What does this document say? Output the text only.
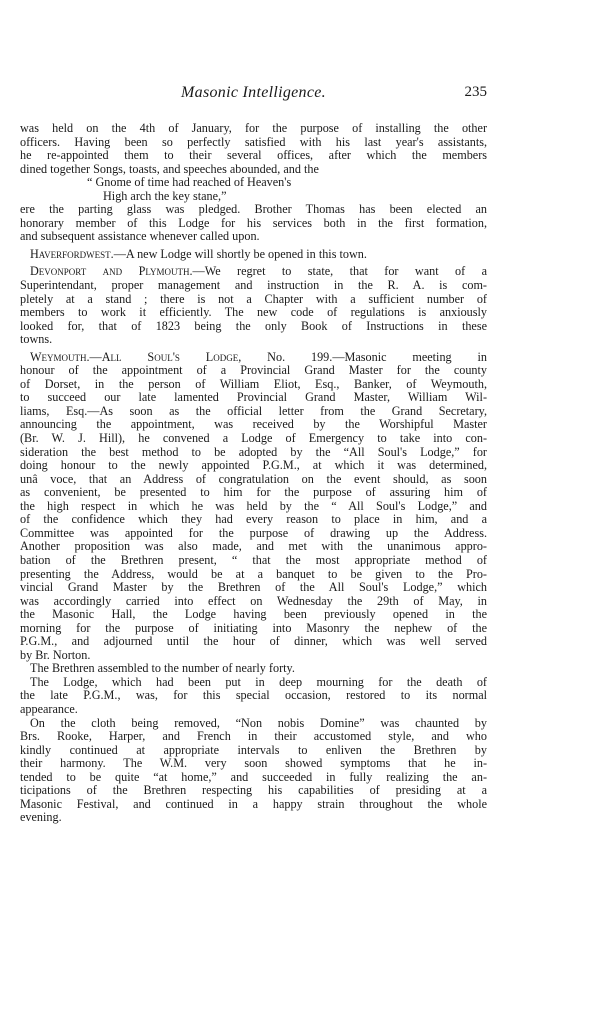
Masonic Intelligence.	235
was held on the 4th of January, for the purpose of installing the other
officers. Having been so perfectly satisfied with his last year's assistants,
he re-appointed them to their several offices, after which the members
dined together Songs, toasts, and speeches abounded, and the
“ Gnome of time had reached of Heaven's
High arch the key stane,”
ere the parting glass was pledged. Brother Thomas has been elected an
honorary member of this Lodge for his services both in the first formation,
and subsequent assistance whenever called upon.
Haverfordwest.—A new Lodge will shortly be opened in this town.
Devonport and Plymouth.—We regret to state, that for want of a
Superintendant, proper management and instruction in the R. A. is com-
pletely at a stand ; there is not a Chapter with a sufficient number of
members to work it efficiently. The new code of regulations is anxiously
looked for, that of 1823 being the only Book of Instructions in these
towns.
Weymouth.—All Soul's Lodge, No. 199.—Masonic meeting in
honour of the appointment of a Provincial Grand Master for the county
of Dorset, in the person of William Eliot, Esq., Banker, of Weymouth,
to succeed our late lamented Provincial Grand Master, William Wil-
liams, Esq.—As soon as the official letter from the Grand Secretary,
announcing the appointment, was received by the Worshipful Master
(Br. W. J. Hill), he convened a Lodge of Emergency to take into con-
sideration the best method to be adopted by the “All Soul's Lodge,” for
doing honour to the newly appointed P.G.M., at which it was determined,
unâ voce, that an Address of congratulation on the event should, as soon
as convenient, be presented to him for the purpose of assuring him of
the high respect in which he was held by the “ All Soul's Lodge,” and
of the confidence which they had every reason to place in him, and a
Committee was appointed for the purpose of drawing up the Address.
Another proposition was also made, and met with the unanimous appro-
bation of the Brethren present, “ that the most appropriate method of
presenting the Address, would be at a banquet to be given to the Pro-
vincial Grand Master by the Brethren of the All Soul's Lodge,” which
was accordingly carried into effect on Wednesday the 29th of May, in
the Masonic Hall, the Lodge having been previously opened in the
morning for the purpose of initiating into Masonry the nephew of the
P.G.M., and adjourned until the hour of dinner, which was well served
by Br. Norton.
The Brethren assembled to the number of nearly forty.
The Lodge, which had been put in deep mourning for the death of
the late P.G.M., was, for this special occasion, restored to its normal
appearance.
On the cloth being removed, “Non nobis Domine” was chaunted by
Brs. Rooke, Harper, and French in their accustomed style, and who
kindly continued at appropriate intervals to enliven the Brethren by
their harmony. The W.M. very soon showed symptoms that he in-
tended to be quite “at home,” and succeeded in fully realizing the an-
ticipations of the Brethren respecting his capabilities of presiding at a
Masonic Festival, and continued in a happy strain throughout the whole
evening.
